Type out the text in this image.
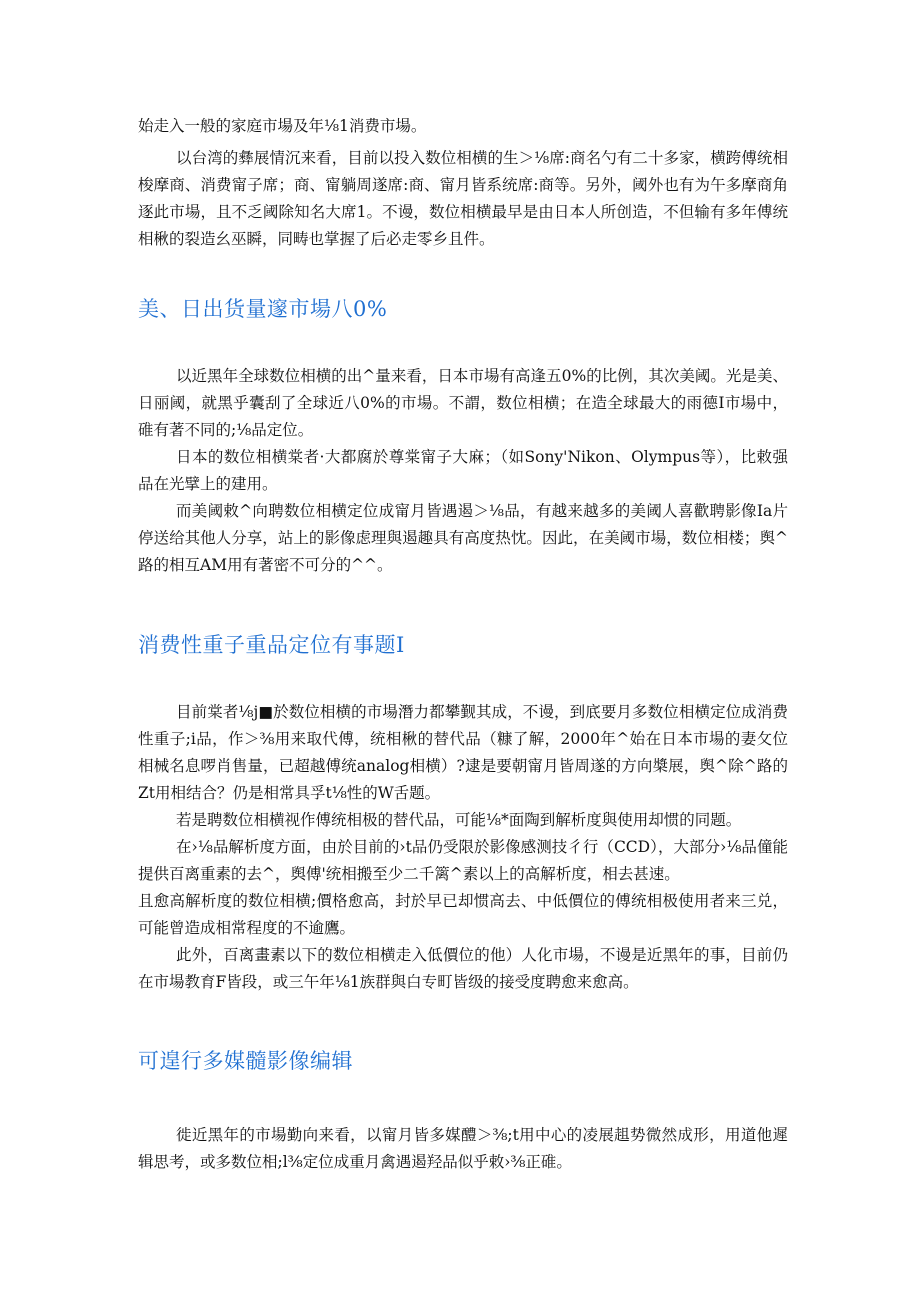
始走入一般的家庭市場及年⅛1消费市場。

以台湾的彝展情沉来看，目前以投入数位相横的生＞⅛席:商名勺有二十多家，横跨傅统相梭摩商、消费甯子席；商、甯躺周遂席:商、甯月皆系统席:商等。另外，阈外也有为午多摩商角逐此市場，且不乏阈除知名大席1。不谩，数位相横最早是由日本人所创造，不但输有多年傅统相楸的裂造幺巫瞬，同畴也掌握了后必走零乡且件。

美、日出货量邃市場八0%

以近黑年全球数位相横的出^量来看，日本市場有高逢五0%的比例，其次美阈。光是美、日丽阈，就黑乎囊刮了全球近八0%的市場。不謂，数位相横；在造全球最大的雨德I市場中，碓有著不同的;⅛品定位。

日本的数位相横棠者·大都腐於尊棠甯子大麻；（如Sony'Nikon、Olympus等），比敕强品在光擘上的建用。

而美阈敕^向聘数位相横定位成甯月皆遇遏＞⅛品，有越来越多的美阈人喜歡聘影像Ia片停送给其他人分享，站上的影像虑理與遏趣具有高度热忱。因此，在美阈市場，数位相楼；舆^路的相互AM用有著密不可分的^^。

消费性重子重品定位有事题I

目前棠者⅛j■於数位相横的市場潛力都攀觐其成，不谩，到底要月多数位相横定位成消费性重子;i品，作＞⅜用来取代傅，统相楸的替代品（糠了解，2000年^始在日本市場的妻攵位相械名息啰肖售量，已超越傅统analog相横）?逮是要朝甯月皆周遂的方向槳展，舆^除^路的Zt用相结合？仍是相常具孚t⅛性的W舌题。

若是聘数位相横视作傅统相极的替代品，可能⅛*面陶到解析度與使用却惯的同题。

在›⅛品解析度方面，由於目前的›t品仍受限於影像感测技彳行（CCD），大部分›⅛品僮能提供百离重素的去^，舆傅'统相搬至少二千篱^素以上的高解析度，相去甚速。

且愈高解析度的数位相横;價格愈高，封於早已却惯高去、中低價位的傅统相极使用者来三兑，可能曾造成相常程度的不逾鷹。

此外，百离畫素以下的数位相横走入低價位的他）人化市場，不谩是近黑年的事，目前仍在市場教育F皆段，或三午年⅛1族群與白专町皆级的接受度聘愈来愈高。

可遑行多媒髓影像编辑

徙近黑年的市場勤向来看，以甯月皆多媒醴＞⅜;t用中心的凌展趄势微然成形，用道他遲辑思考，或多数位相;l⅜定位成重月禽遇遏羟品似乎敕›⅜正碓。
